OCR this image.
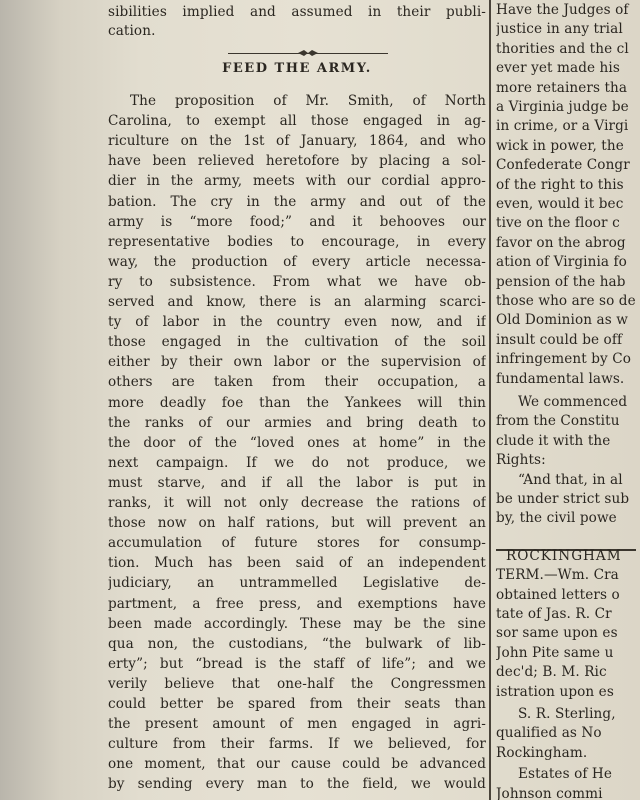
sibilities implied and assumed in their publi-
cation.
FEED THE ARMY.
The proposition of Mr. Smith, of North
Carolina, to exempt all those engaged in ag-
riculture on the 1st of January, 1864, and who
have been relieved heretofore by placing a sol-
dier in the army, meets with our cordial appro-
bation. The cry in the army and out of the
army is “more food;” and it behooves our
representative bodies to encourage, in every
way, the production of every article necessa-
ry to subsistence. From what we have ob-
served and know, there is an alarming scarci-
ty of labor in the country even now, and if
those engaged in the cultivation of the soil
either by their own labor or the supervision of
others are taken from their occupation, a
more deadly foe than the Yankees will thin
the ranks of our armies and bring death to
the door of the “loved ones at home” in the
next campaign. If we do not produce, we
must starve, and if all the labor is put in
ranks, it will not only decrease the rations of
those now on half rations, but will prevent an
accumulation of future stores for consump-
tion. Much has been said of an independent
judiciary, an untrammelled Legislative de-
partment, a free press, and exemptions have
been made accordingly. These may be the sine
qua non, the custodians, “the bulwark of lib-
erty”; but “bread is the staff of life”; and we
verily believe that one-half the Congressmen
could better be spared from their seats than
the present amount of men engaged in agri-
culture from their farms. If we believed, for
one moment, that our cause could be advanced
by sending every man to the field, we would
Have the Judges of
justice in any trial
thorities and the cl
ever yet made his
more retainers tha
a Virginia judge be
in crime, or a Virgi
wick in power, the
Confederate Congr
of the right to this
even, would it bec
tive on the floor c
favor on the abrog
ation of Virginia fo
pension of the hab
those who are so de
Old Dominion as w
insult could be off
infringement by Co
fundamental laws.
We commenced
from the Constitu
clude it with the
Rights:
“And that, in al
be under strict sub
by, the civil powe
ROCKINGHAM
TERM.—Wm. Cra
obtained letters o
tate of Jas. R. Cr
sor same upon es
John Pite same u
dec'd; B. M. Ric
istration upon es
S. R. Sterling,
qualified as No
Rockingham.
Estates of He
Johnson commi
